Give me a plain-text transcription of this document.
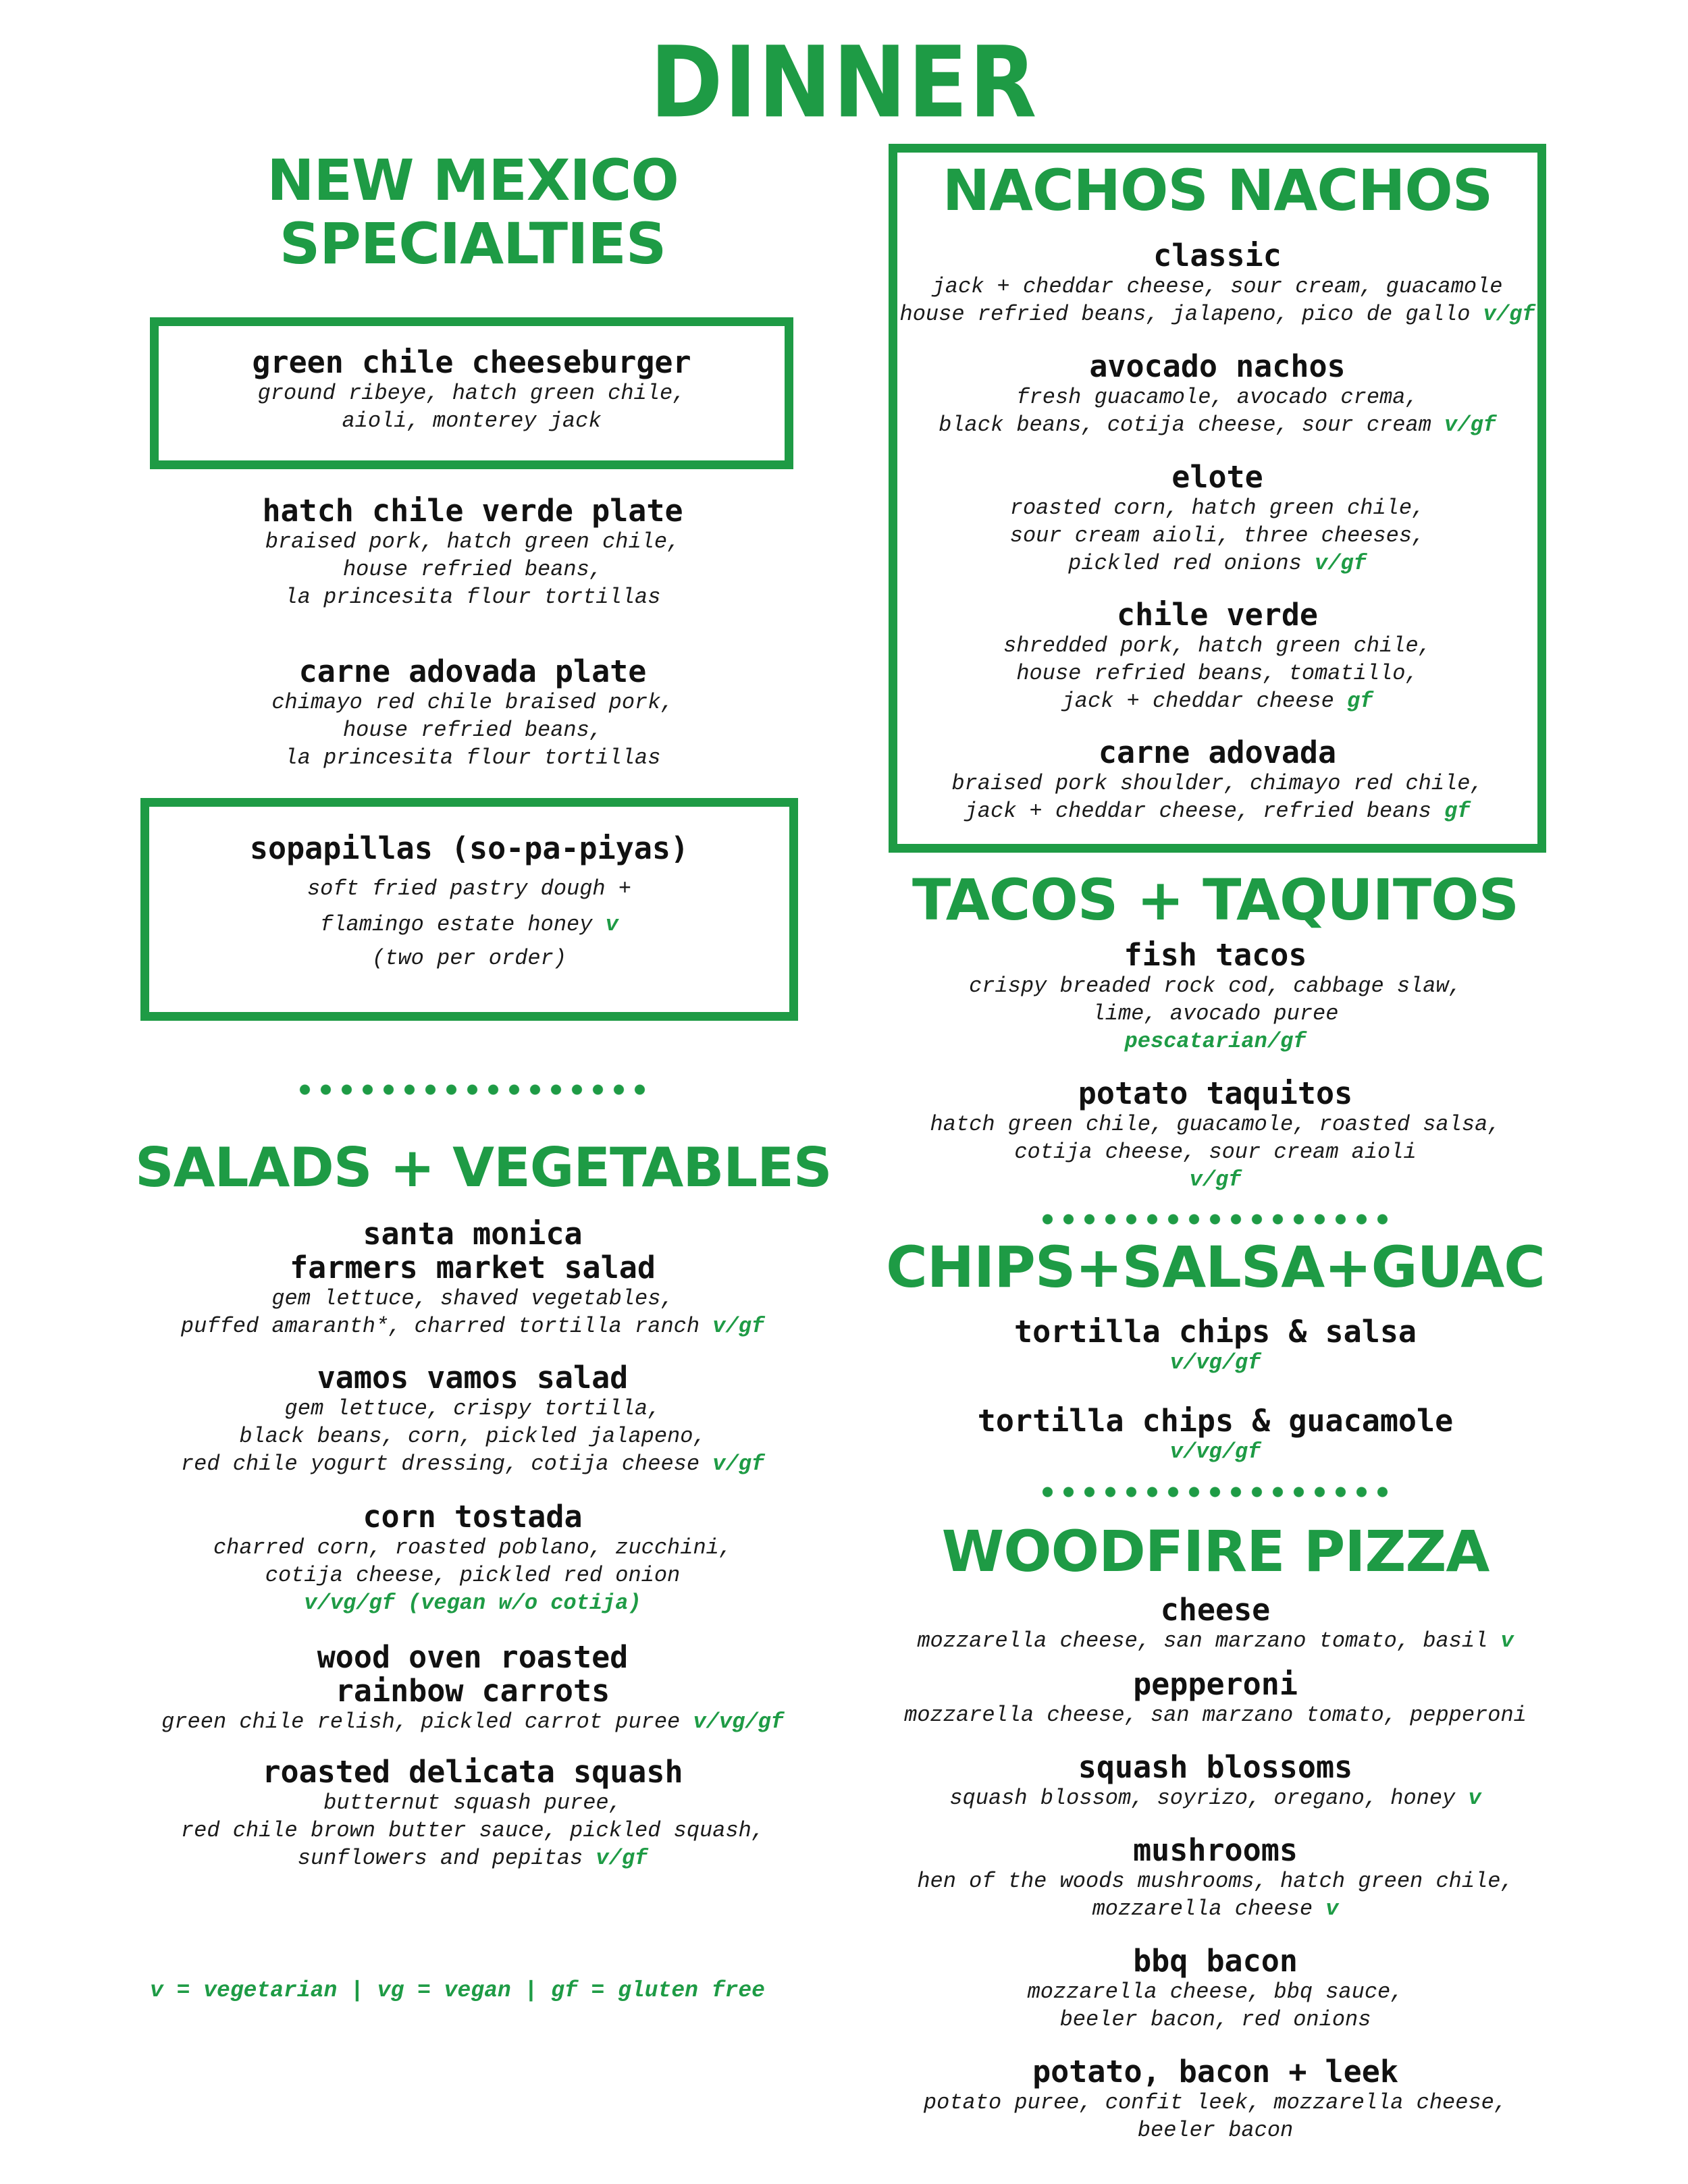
DINNER
NEW MEXICO
SPECIALTIES
green chile cheeseburger
ground ribeye, hatch green chile,
aioli, monterey jack
hatch chile verde plate
braised pork, hatch green chile,
house refried beans,
la princesita flour tortillas
carne adovada plate
chimayo red chile braised pork,
house refried beans,
la princesita flour tortillas
sopapillas (so-pa-piyas)
soft fried pastry dough +
flamingo estate honey v
(two per order)
SALADS + VEGETABLES
santa monica
farmers market salad
gem lettuce, shaved vegetables,
puffed amaranth*, charred tortilla ranch v/gf
vamos vamos salad
gem lettuce, crispy tortilla,
black beans, corn, pickled jalapeno,
red chile yogurt dressing, cotija cheese v/gf
corn tostada
charred corn, roasted poblano, zucchini,
cotija cheese, pickled red onion
v/vg/gf (vegan w/o cotija)
wood oven roasted
rainbow carrots
green chile relish, pickled carrot puree v/vg/gf
roasted delicata squash
butternut squash puree,
red chile brown butter sauce, pickled squash,
sunflowers and pepitas v/gf
v = vegetarian | vg = vegan | gf = gluten free
NACHOS NACHOS
classic
jack + cheddar cheese, sour cream, guacamole
house refried beans, jalapeno, pico de gallo v/gf
avocado nachos
fresh guacamole, avocado crema,
black beans, cotija cheese, sour cream v/gf
elote
roasted corn, hatch green chile,
sour cream aioli, three cheeses,
pickled red onions v/gf
chile verde
shredded pork, hatch green chile,
house refried beans, tomatillo,
jack + cheddar cheese gf
carne adovada
braised pork shoulder, chimayo red chile,
jack + cheddar cheese, refried beans gf
TACOS + TAQUITOS
fish tacos
crispy breaded rock cod, cabbage slaw,
lime, avocado puree
pescatarian/gf
potato taquitos
hatch green chile, guacamole, roasted salsa,
cotija cheese, sour cream aioli
v/gf
CHIPS+SALSA+GUAC
tortilla chips & salsa
v/vg/gf
tortilla chips & guacamole
v/vg/gf
WOODFIRE PIZZA
cheese
mozzarella cheese, san marzano tomato, basil v
pepperoni
mozzarella cheese, san marzano tomato, pepperoni
squash blossoms
squash blossom, soyrizo, oregano, honey v
mushrooms
hen of the woods mushrooms, hatch green chile,
mozzarella cheese v
bbq bacon
mozzarella cheese, bbq sauce,
beeler bacon, red onions
potato, bacon + leek
potato puree, confit leek, mozzarella cheese,
beeler bacon
